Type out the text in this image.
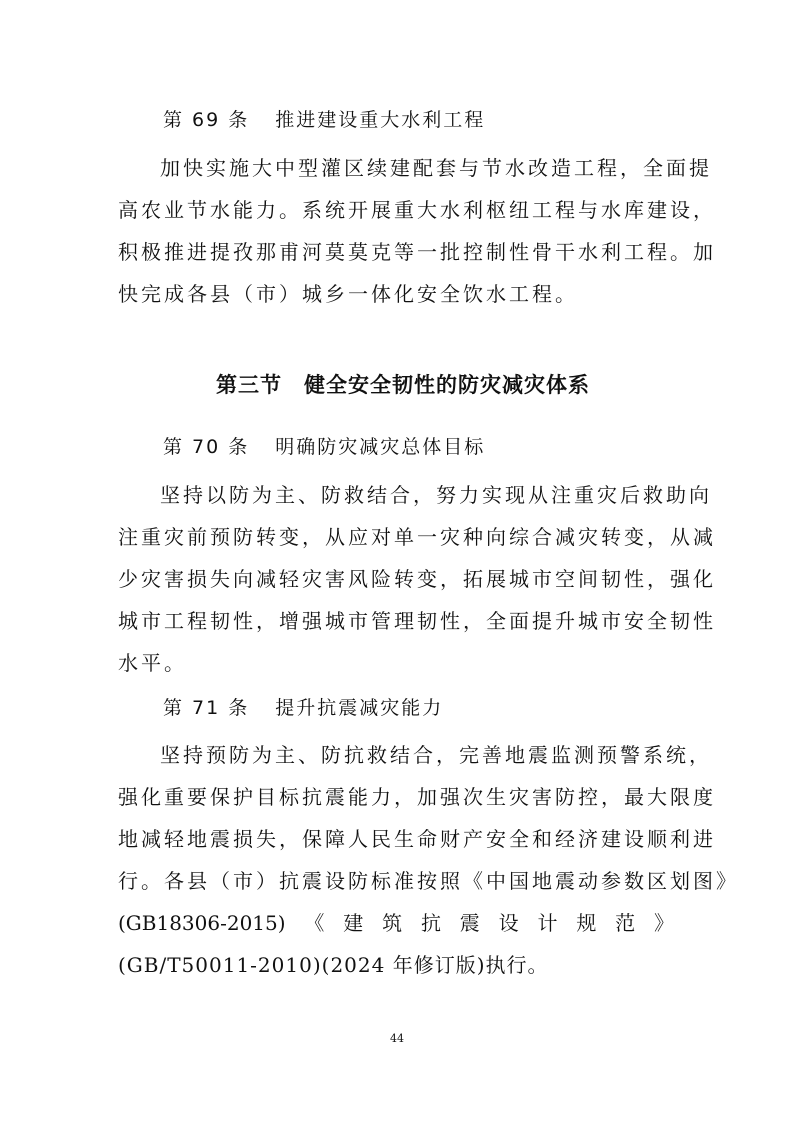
第 69 条 推进建设重大水利工程
加快实施大中型灌区续建配套与节水改造工程，全面提
高农业节水能力。系统开展重大水利枢纽工程与水库建设，
积极推进提孜那甫河莫莫克等一批控制性骨干水利工程。加
快完成各县（市）城乡一体化安全饮水工程。
第三节 健全安全韧性的防灾减灾体系
第 70 条 明确防灾减灾总体目标
坚持以防为主、防救结合，努力实现从注重灾后救助向
注重灾前预防转变，从应对单一灾种向综合减灾转变，从减
少灾害损失向减轻灾害风险转变，拓展城市空间韧性，强化
城市工程韧性，增强城市管理韧性，全面提升城市安全韧性
水平。
第 71 条 提升抗震减灾能力
坚持预防为主、防抗救结合，完善地震监测预警系统，
强化重要保护目标抗震能力，加强次生灾害防控，最大限度
地减轻地震损失，保障人民生命财产安全和经济建设顺利进
行。各县（市）抗震设防标准按照《中国地震动参数区划图》
(GB18306-2015) 《 建 筑 抗 震 设 计 规 范 》
(GB/T50011-2010)(2024 年修订版)执行。
44
